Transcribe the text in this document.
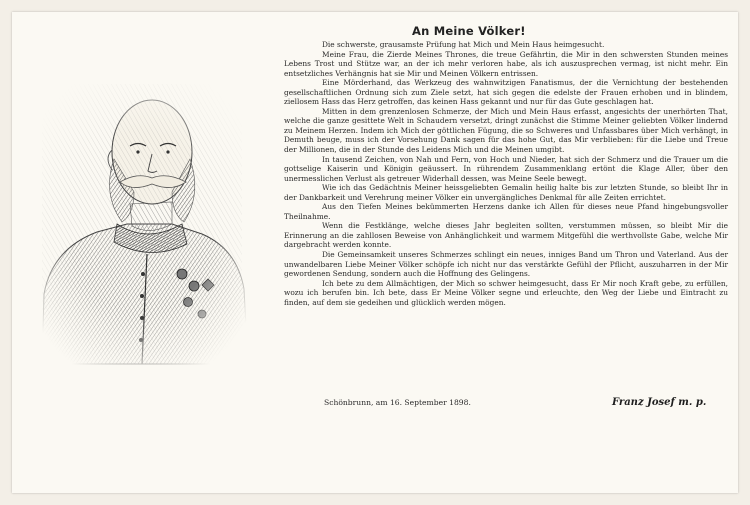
An Meine Völker!

Die schwerste, grausamste Prüfung hat Mich und Mein Haus heimgesucht.

Meine Frau, die Zierde Meines Thrones, die treue Gefährtin, die Mir in den schwersten Stunden meines Lebens Trost und Stütze war, an der ich mehr verloren habe, als ich auszusprechen vermag, ist nicht mehr. Ein entsetzliches Verhängnis hat sie Mir und Meinen Völkern entrissen.

Eine Mörderhand, das Werkzeug des wahnwitzigen Fanatismus, der die Vernichtung der bestehenden gesellschaftlichen Ordnung sich zum Ziele setzt, hat sich gegen die edelste der Frauen erhoben und in blindem, ziellosem Hass das Herz getroffen, das keinen Hass gekannt und nur für das Gute geschlagen hat.

Mitten in dem grenzenlosen Schmerze, der Mich und Mein Haus erfasst, angesichts der unerhörten That, welche die ganze gesittete Welt in Schaudern versetzt, dringt zunächst die Stimme Meiner geliebten Völker lindernd zu Meinem Herzen. Indem ich Mich der göttlichen Fügung, die so Schweres und Unfassbares über Mich verhängt, in Demuth beuge, muss ich der Vorsehung Dank sagen für das hohe Gut, das Mir verblieben: für die Liebe und Treue der Millionen, die in der Stunde des Leidens Mich und die Meinen umgibt.

In tausend Zeichen, von Nah und Fern, von Hoch und Nieder, hat sich der Schmerz und die Trauer um die gottselige Kaiserin und Königin geäussert. In rührendem Zusammenklang ertönt die Klage Aller, über den unermesslichen Verlust als getreuer Widerhall dessen, was Meine Seele bewegt.

Wie ich das Gedächtnis Meiner heissgeliebten Gemalin heilig halte bis zur letzten Stunde, so bleibt Ihr in der Dankbarkeit und Verehrung meiner Völker ein unvergängliches Denkmal für alle Zeiten errichtet.

Aus den Tiefen Meines bekümmerten Herzens danke ich Allen für dieses neue Pfand hingebungsvoller Theilnahme.

Wenn die Festklänge, welche dieses Jahr begleiten sollten, verstummen müssen, so bleibt Mir die Erinnerung an die zahllosen Beweise von Anhänglichkeit und warmem Mitgefühl die werthvollste Gabe, welche Mir dargebracht werden konnte.

Die Gemeinsamkeit unseres Schmerzes schlingt ein neues, inniges Band um Thron und Vaterland. Aus der unwandelbaren Liebe Meiner Völker schöpfe ich nicht nur das verstärkte Gefühl der Pflicht, auszuharren in der Mir gewordenen Sendung, sondern auch die Hoffnung des Gelingens.

Ich bete zu dem Allmächtigen, der Mich so schwer heimgesucht, dass Er Mir noch Kraft gebe, zu erfüllen, wozu ich berufen bin. Ich bete, dass Er Meine Völker segne und erleuchte, den Weg der Liebe und Eintracht zu finden, auf dem sie gedeihen und glücklich werden mögen.

Schönbrunn, am 16. September 1898.	Franz Josef m. p.
